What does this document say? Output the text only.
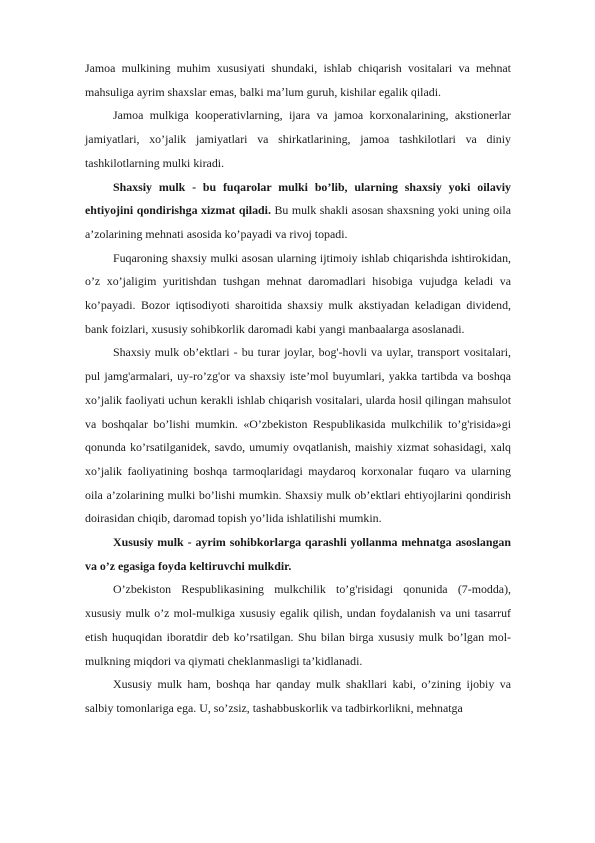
Jamoa mulkining muhim xususiyati shundaki, ishlab chiqarish vositalari va mehnat mahsuliga ayrim shaxslar emas, balki maʼlum guruh, kishilar egalik qiladi.

Jamoa mulkiga kooperativlarning, ijara va jamoa korxonalarining, akstionerlar jamiyatlari, xo’jalik jamiyatlari va shirkatlarining, jamoa tashkilotlari va diniy tashkilotlarning mulki kiradi.

Shaxsiy mulk - bu fuqarolar mulki bo’lib, ularning shaxsiy yoki oilaviy ehtiyojini qondirishga xizmat qiladi. Bu mulk shakli asosan shaxsning yoki uning oila a’zolarining mehnati asosida ko’payadi va rivoj topadi.

Fuqaroning shaxsiy mulki asosan ularning ijtimoiy ishlab chiqarishda ishtirokidan, o’z xo’jaligim yuritishdan tushgan mehnat daromadlari hisobiga vujudga keladi va ko’payadi. Bozor iqtisodiyoti sharoitida shaxsiy mulk akstiyadan keladigan dividend, bank foizlari, xususiy sohibkorlik daromadi kabi yangi manbaalarga asoslanadi.

Shaxsiy mulk ob’ektlari - bu turar joylar, bog'-hovli va uylar, transport vositalari, pul jamg'armalari, uy-ro’zg'or va shaxsiy iste’mol buyumlari, yakka tartibda va boshqa xo’jalik faoliyati uchun kerakli ishlab chiqarish vositalari, ularda hosil qilingan mahsulot va boshqalar bo’lishi mumkin. «O’zbekiston Respublikasida mulkchilik to’g'risida»gi qonunda ko’rsatilganidek, savdo, umumiy ovqatlanish, maishiy xizmat sohasidagi, xalq xo’jalik faoliyatining boshqa tarmoqlaridagi maydaroq korxonalar fuqaro va ularning oila a’zolarining mulki bo’lishi mumkin. Shaxsiy mulk ob’ektlari ehtiyojlarini qondirish doirasidan chiqib, daromad topish yo’lida ishlatilishi mumkin.

Xususiy mulk - ayrim sohibkorlarga qarashli yollanma mehnatga asoslangan va o’z egasiga foyda keltiruvchi mulkdir.

O’zbekiston Respublikasining mulkchilik to’g'risidagi qonunida (7-modda), xususiy mulk o’z mol-mulkiga xususiy egalik qilish, undan foydalanish va uni tasarruf etish huquqidan iboratdir deb ko’rsatilgan. Shu bilan birga xususiy mulk bo’lgan mol-mulkning miqdori va qiymati cheklanmasligi ta’kidlanadi.

Xususiy mulk ham, boshqa har qanday mulk shakllari kabi, o’zining ijobiy va salbiy tomonlariga ega. U, so’zsiz, tashabbuskorlik va tadbirkorlikni, mehnatga
